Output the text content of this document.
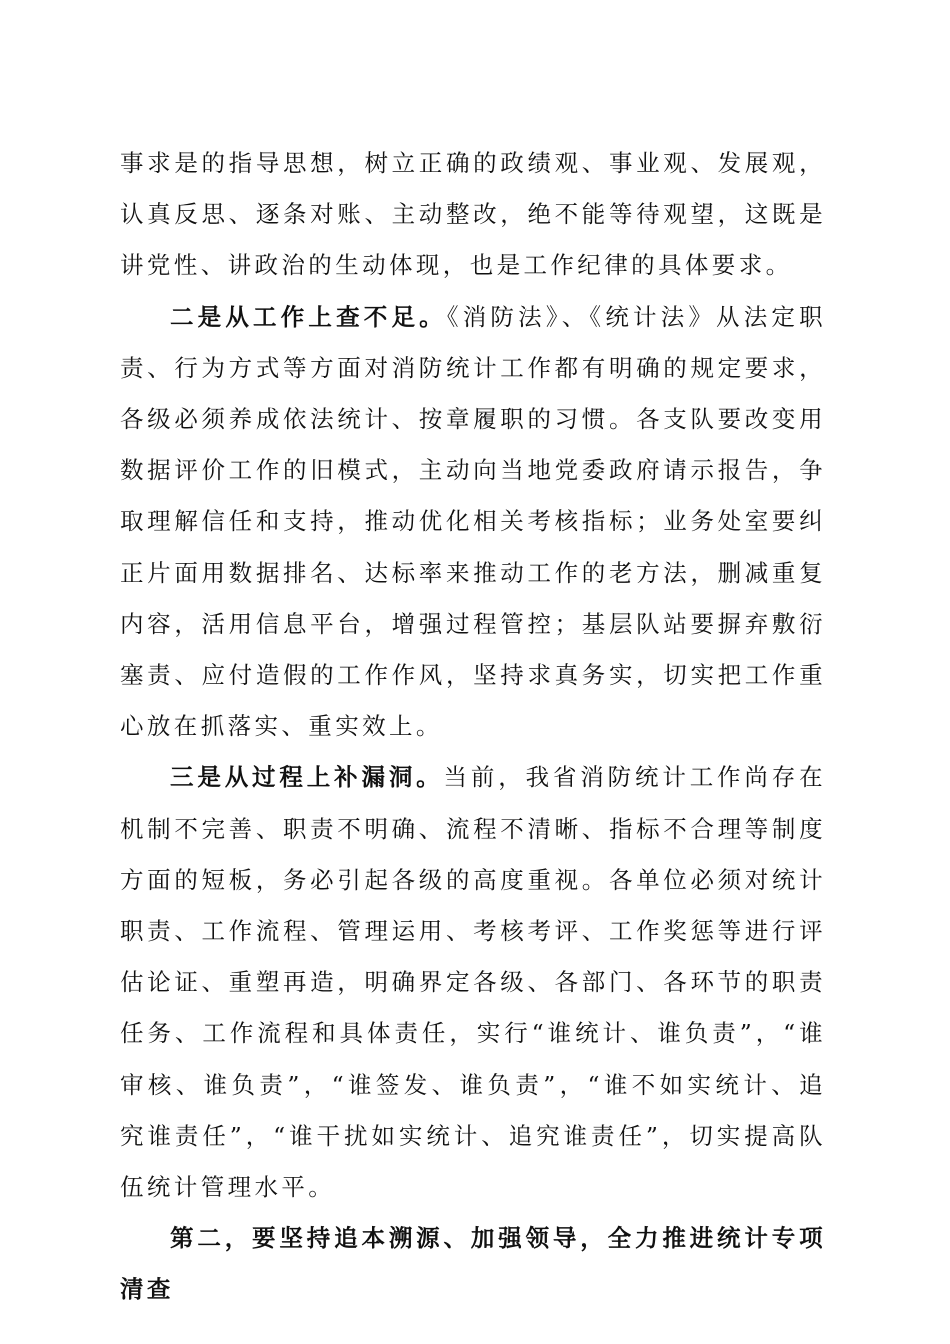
事求是的指导思想，树立正确的政绩观、事业观、发展观，认真反思、逐条对账、主动整改，绝不能等待观望，这既是讲党性、讲政治的生动体现，也是工作纪律的具体要求。

二是从工作上查不足。《消防法》、《统计法》从法定职责、行为方式等方面对消防统计工作都有明确的规定要求，各级必须养成依法统计、按章履职的习惯。各支队要改变用数据评价工作的旧模式，主动向当地党委政府请示报告，争取理解信任和支持，推动优化相关考核指标；业务处室要纠正片面用数据排名、达标率来推动工作的老方法，删减重复内容，活用信息平台，增强过程管控；基层队站要摒弃敷衍塞责、应付造假的工作作风，坚持求真务实，切实把工作重心放在抓落实、重实效上。

三是从过程上补漏洞。当前，我省消防统计工作尚存在机制不完善、职责不明确、流程不清晰、指标不合理等制度方面的短板，务必引起各级的高度重视。各单位必须对统计职责、工作流程、管理运用、考核考评、工作奖惩等进行评估论证、重塑再造，明确界定各级、各部门、各环节的职责任务、工作流程和具体责任，实行“谁统计、谁负责”，“谁审核、谁负责”，“谁签发、谁负责”，“谁不如实统计、追究谁责任”，“谁干扰如实统计、追究谁责任”，切实提高队伍统计管理水平。

第二，要坚持追本溯源、加强领导，全力推进统计专项清查
